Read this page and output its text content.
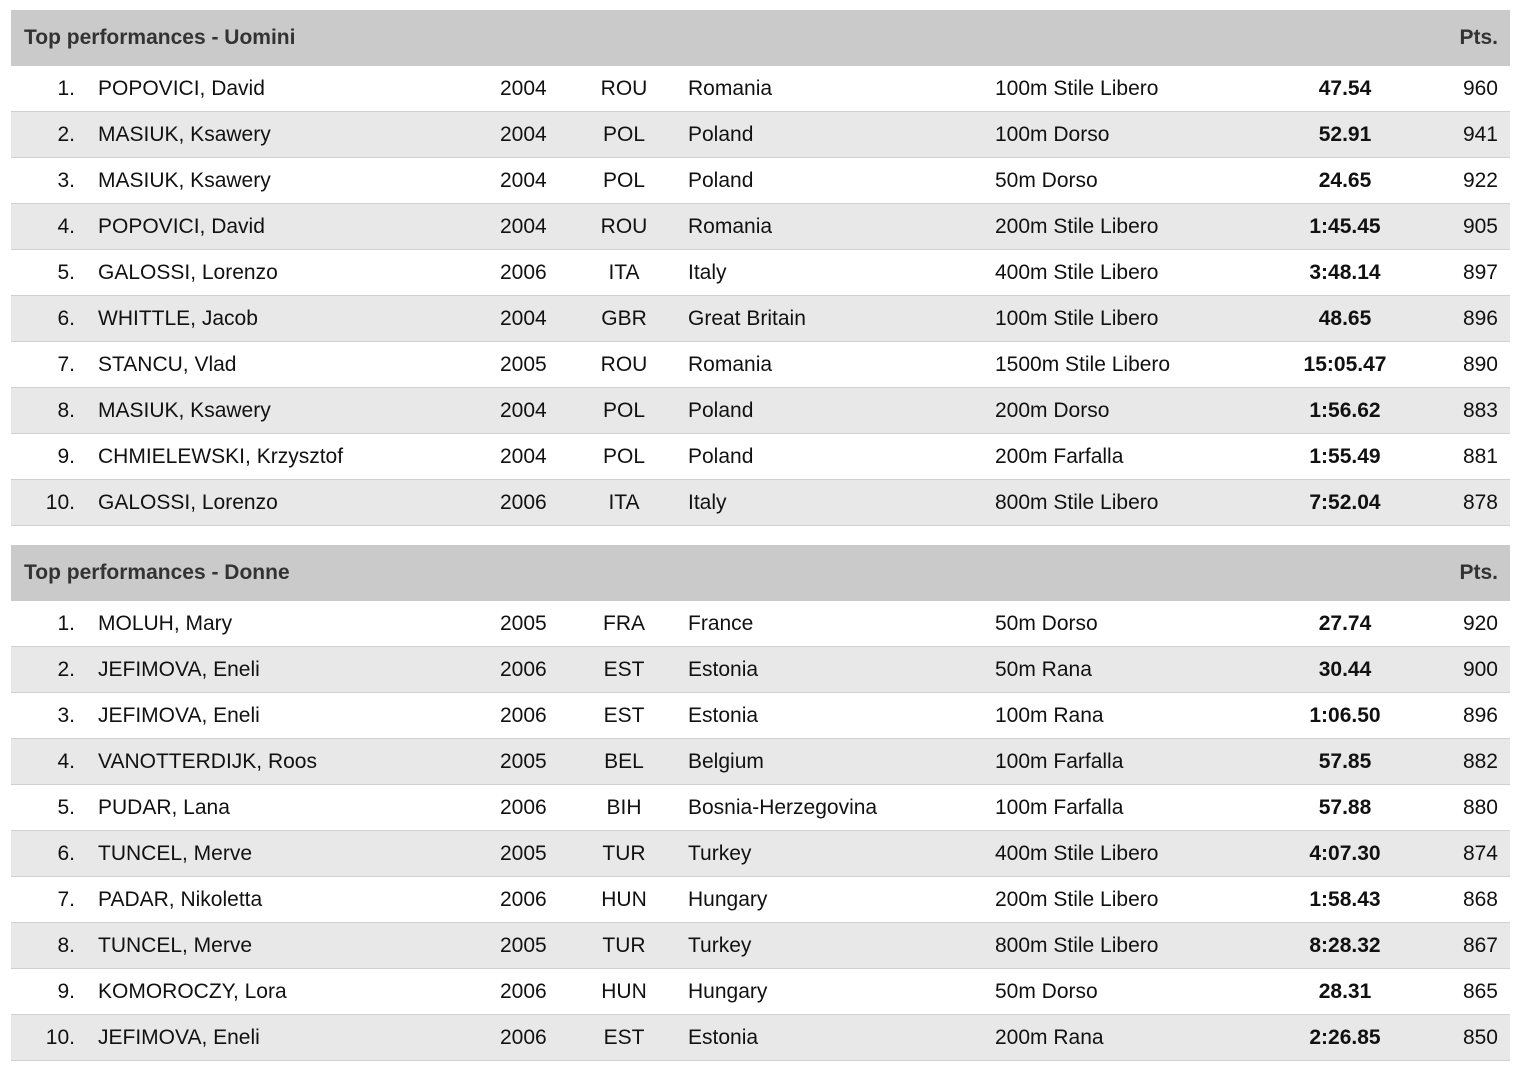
Top performances - Uomini	Pts.
1. POPOVICI, David	2004	ROU	Romania	100m Stile Libero	47.54	960
2. MASIUK, Ksawery	2004	POL	Poland	100m Dorso	52.91	941
3. MASIUK, Ksawery	2004	POL	Poland	50m Dorso	24.65	922
4. POPOVICI, David	2004	ROU	Romania	200m Stile Libero	1:45.45	905
5. GALOSSI, Lorenzo	2006	ITA	Italy	400m Stile Libero	3:48.14	897
6. WHITTLE, Jacob	2004	GBR	Great Britain	100m Stile Libero	48.65	896
7. STANCU, Vlad	2005	ROU	Romania	1500m Stile Libero	15:05.47	890
8. MASIUK, Ksawery	2004	POL	Poland	200m Dorso	1:56.62	883
9. CHMIELEWSKI, Krzysztof	2004	POL	Poland	200m Farfalla	1:55.49	881
10. GALOSSI, Lorenzo	2006	ITA	Italy	800m Stile Libero	7:52.04	878
Top performances - Donne	Pts.
1. MOLUH, Mary	2005	FRA	France	50m Dorso	27.74	920
2. JEFIMOVA, Eneli	2006	EST	Estonia	50m Rana	30.44	900
3. JEFIMOVA, Eneli	2006	EST	Estonia	100m Rana	1:06.50	896
4. VANOTTERDIJK, Roos	2005	BEL	Belgium	100m Farfalla	57.85	882
5. PUDAR, Lana	2006	BIH	Bosnia-Herzegovina	100m Farfalla	57.88	880
6. TUNCEL, Merve	2005	TUR	Turkey	400m Stile Libero	4:07.30	874
7. PADAR, Nikoletta	2006	HUN	Hungary	200m Stile Libero	1:58.43	868
8. TUNCEL, Merve	2005	TUR	Turkey	800m Stile Libero	8:28.32	867
9. KOMOROCZY, Lora	2006	HUN	Hungary	50m Dorso	28.31	865
10. JEFIMOVA, Eneli	2006	EST	Estonia	200m Rana	2:26.85	850
